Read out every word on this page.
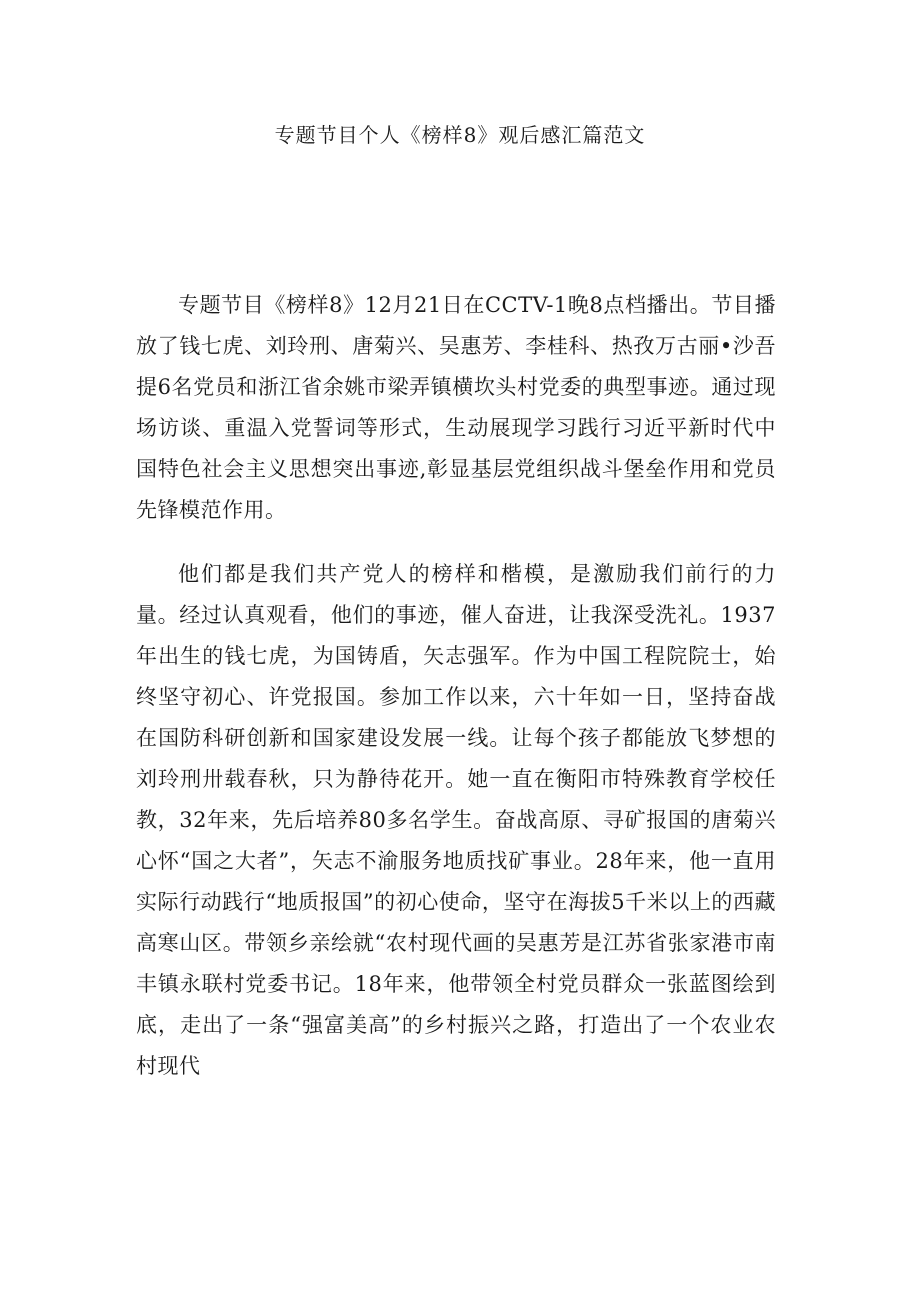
专题节目个人《榜样8》观后感汇篇范文

专题节目《榜样8》12月21日在CCTV-1晚8点档播出。节目播放了钱七虎、刘玲刑、唐菊兴、吴惠芳、李桂科、热孜万古丽•沙吾提6名党员和浙江省余姚市梁弄镇横坎头村党委的典型事迹。通过现场访谈、重温入党誓词等形式，生动展现学习践行习近平新时代中国特色社会主义思想突出事迹,彰显基层党组织战斗堡垒作用和党员先锋模范作用。

他们都是我们共产党人的榜样和楷模，是激励我们前行的力量。经过认真观看，他们的事迹，催人奋进，让我深受洗礼。1937年出生的钱七虎，为国铸盾，矢志强军。作为中国工程院院士，始终坚守初心、许党报国。参加工作以来，六十年如一日，坚持奋战在国防科研创新和国家建设发展一线。让每个孩子都能放飞梦想的刘玲刑卅载春秋，只为静待花开。她一直在衡阳市特殊教育学校任教，32年来，先后培养80多名学生。奋战高原、寻矿报国的唐菊兴心怀“国之大者”，矢志不渝服务地质找矿事业。28年来，他一直用实际行动践行“地质报国”的初心使命，坚守在海拔5千米以上的西藏高寒山区。带领乡亲绘就“农村现代画的吴惠芳是江苏省张家港市南丰镇永联村党委书记。18年来，他带领全村党员群众一张蓝图绘到底，走出了一条“强富美高”的乡村振兴之路，打造出了一个农业农村现代
